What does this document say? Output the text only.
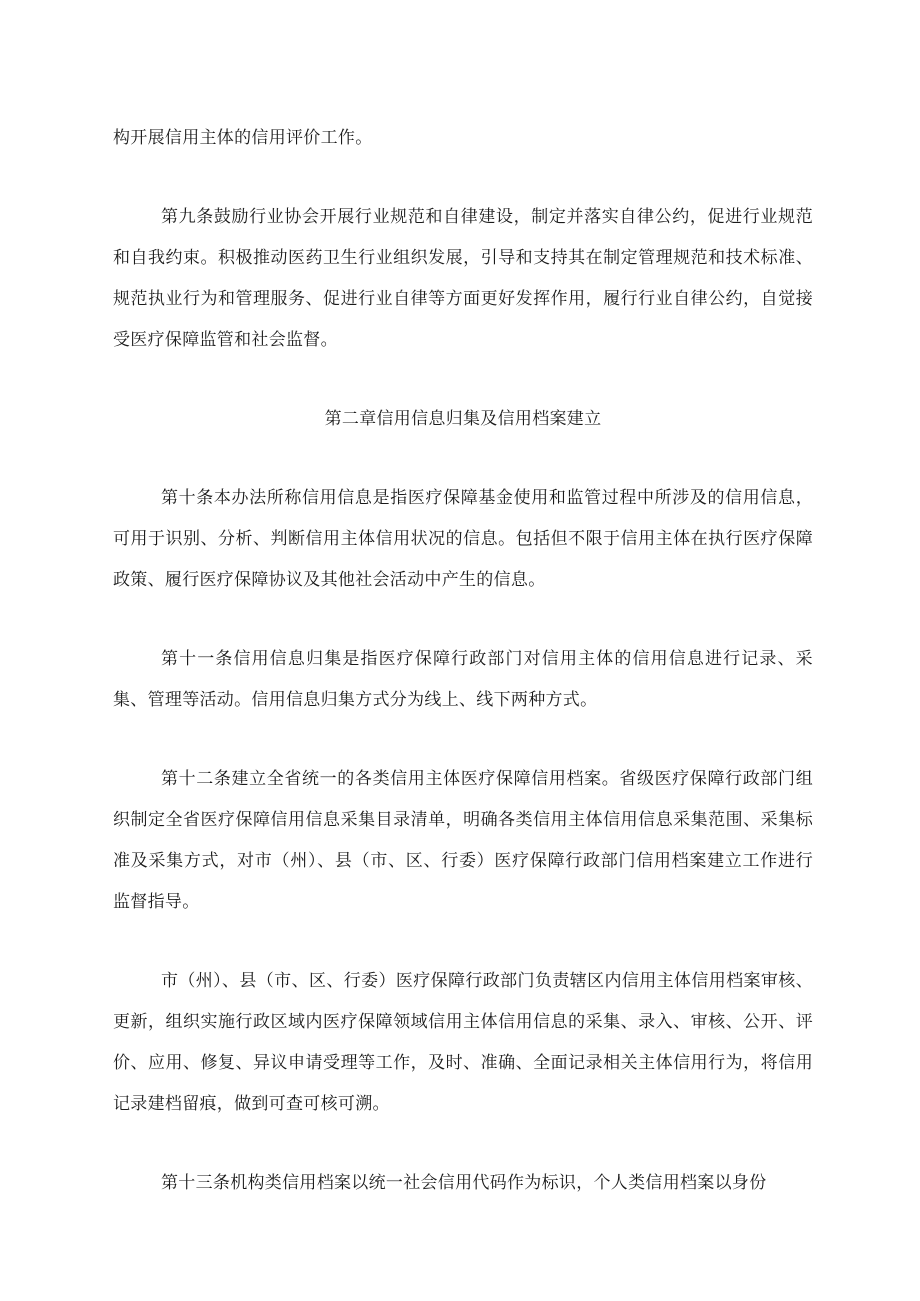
构开展信用主体的信用评价工作。

第九条鼓励行业协会开展行业规范和自律建设，制定并落实自律公约，促进行业规范和自我约束。积极推动医药卫生行业组织发展，引导和支持其在制定管理规范和技术标准、规范执业行为和管理服务、促进行业自律等方面更好发挥作用，履行行业自律公约，自觉接受医疗保障监管和社会监督。

第二章信用信息归集及信用档案建立

第十条本办法所称信用信息是指医疗保障基金使用和监管过程中所涉及的信用信息，可用于识别、分析、判断信用主体信用状况的信息。包括但不限于信用主体在执行医疗保障政策、履行医疗保障协议及其他社会活动中产生的信息。

第十一条信用信息归集是指医疗保障行政部门对信用主体的信用信息进行记录、采集、管理等活动。信用信息归集方式分为线上、线下两种方式。

第十二条建立全省统一的各类信用主体医疗保障信用档案。省级医疗保障行政部门组织制定全省医疗保障信用信息采集目录清单，明确各类信用主体信用信息采集范围、采集标准及采集方式，对市（州）、县（市、区、行委）医疗保障行政部门信用档案建立工作进行监督指导。

市（州）、县（市、区、行委）医疗保障行政部门负责辖区内信用主体信用档案审核、更新，组织实施行政区域内医疗保障领域信用主体信用信息的采集、录入、审核、公开、评价、应用、修复、异议申请受理等工作，及时、准确、全面记录相关主体信用行为，将信用记录建档留痕，做到可查可核可溯。

第十三条机构类信用档案以统一社会信用代码作为标识，个人类信用档案以身份
